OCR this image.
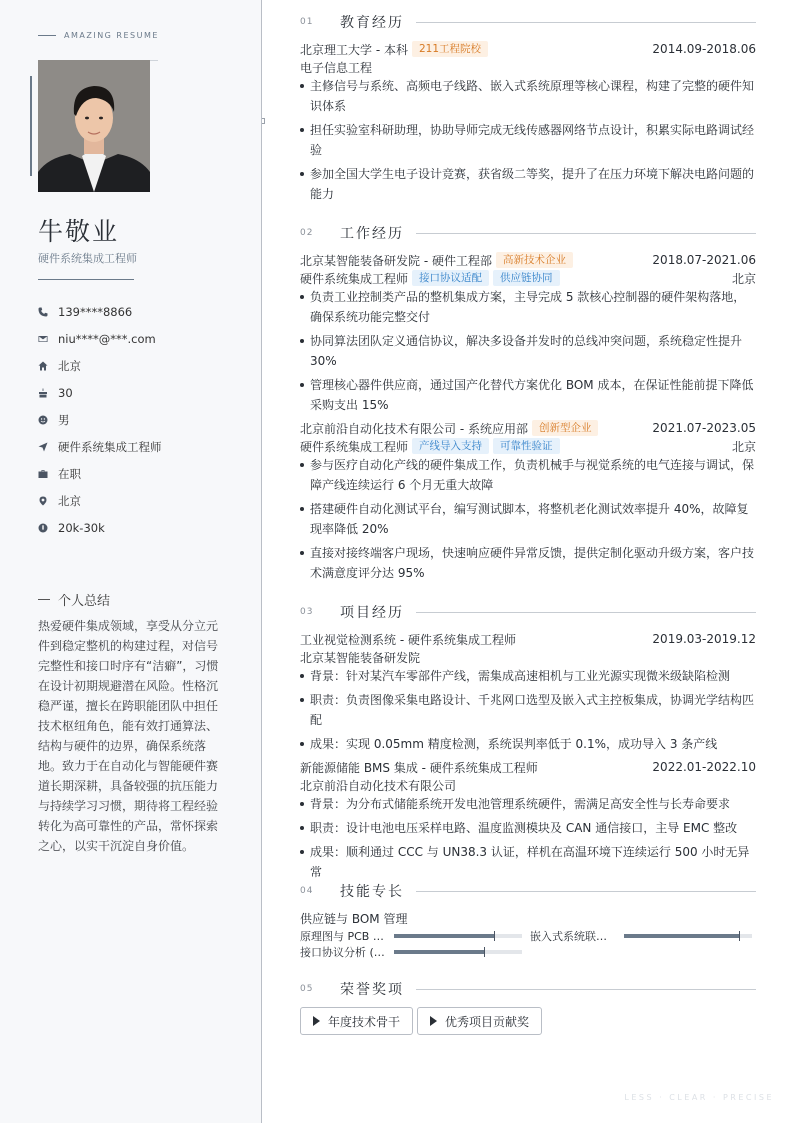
AMAZING RESUME
牛敬业
硬件系统集成工程师
139****8866
niu****@***.com
北京
30
男
硬件系统集成工程师
在职
北京
20k-30k
个人总结

热爱硬件集成领域，享受从分立元件到稳定整机的构建过程，对信号完整性和接口时序有“洁癖”，习惯在设计初期规避潜在风险。性格沉稳严谨，擅长在跨职能团队中担任技术枢纽角色，能有效打通算法、结构与硬件的边界，确保系统落地。致力于在自动化与智能硬件赛道长期深耕，具备较强的抗压能力与持续学习习惯，期待将工程经验转化为高可靠性的产品，常怀探索之心，以实干沉淀自身价值。

01	教育经历
北京理工大学 - 本科	211工程院校	2014.09-2018.06
电子信息工程
主修信号与系统、高频电子线路、嵌入式系统原理等核心课程，构建了完整的硬件知识体系
担任实验室科研助理，协助导师完成无线传感器网络节点设计，积累实际电路调试经验
参加全国大学生电子设计竞赛，获省级二等奖，提升了在压力环境下解决电路问题的能力
02	工作经历
北京某智能装备研发院 - 硬件工程部	高新技术企业	2018.07-2021.06
硬件系统集成工程师	接口协议适配	供应链协同	北京
负责工业控制类产品的整机集成方案，主导完成 5 款核心控制器的硬件架构落地，确保系统功能完整交付
协同算法团队定义通信协议，解决多设备并发时的总线冲突问题，系统稳定性提升 30%
管理核心器件供应商，通过国产化替代方案优化 BOM 成本，在保证性能前提下降低采购支出 15%
北京前沿自动化技术有限公司 - 系统应用部	创新型企业	2021.07-2023.05
硬件系统集成工程师	产线导入支持	可靠性验证	北京
参与医疗自动化产线的硬件集成工作，负责机械手与视觉系统的电气连接与调试，保障产线连续运行 6 个月无重大故障
搭建硬件自动化测试平台，编写测试脚本，将整机老化测试效率提升 40%，故障复现率降低 20%
直接对接终端客户现场，快速响应硬件异常反馈，提供定制化驱动升级方案，客户技术满意度评分达 95%
03	项目经历
工业视觉检测系统 - 硬件系统集成工程师	2019.03-2019.12
北京某智能装备研发院
背景：针对某汽车零部件产线，需集成高速相机与工业光源实现微米级缺陷检测
职责：负责图像采集电路设计、千兆网口选型及嵌入式主控板集成，协调光学结构匹配
成果：实现 0.05mm 精度检测，系统误判率低于 0.1%，成功导入 3 条产线
新能源储能 BMS 集成 - 硬件系统集成工程师	2022.01-2022.10
北京前沿自动化技术有限公司
背景：为分布式储能系统开发电池管理系统硬件，需满足高安全性与长寿命要求
职责：设计电池电压采样电路、温度监测模块及 CAN 通信接口，主导 EMC 整改
成果：顺利通过 CCC 与 UN38.3 认证，样机在高温环境下连续运行 500 小时无异常
04	技能专长
供应链与 BOM 管理
原理图与 PCB …	嵌入式系统联…
接口协议分析 (…
05	荣誉奖项
年度技术骨干	优秀项目贡献奖
LESS · CLEAR · PRECISE
